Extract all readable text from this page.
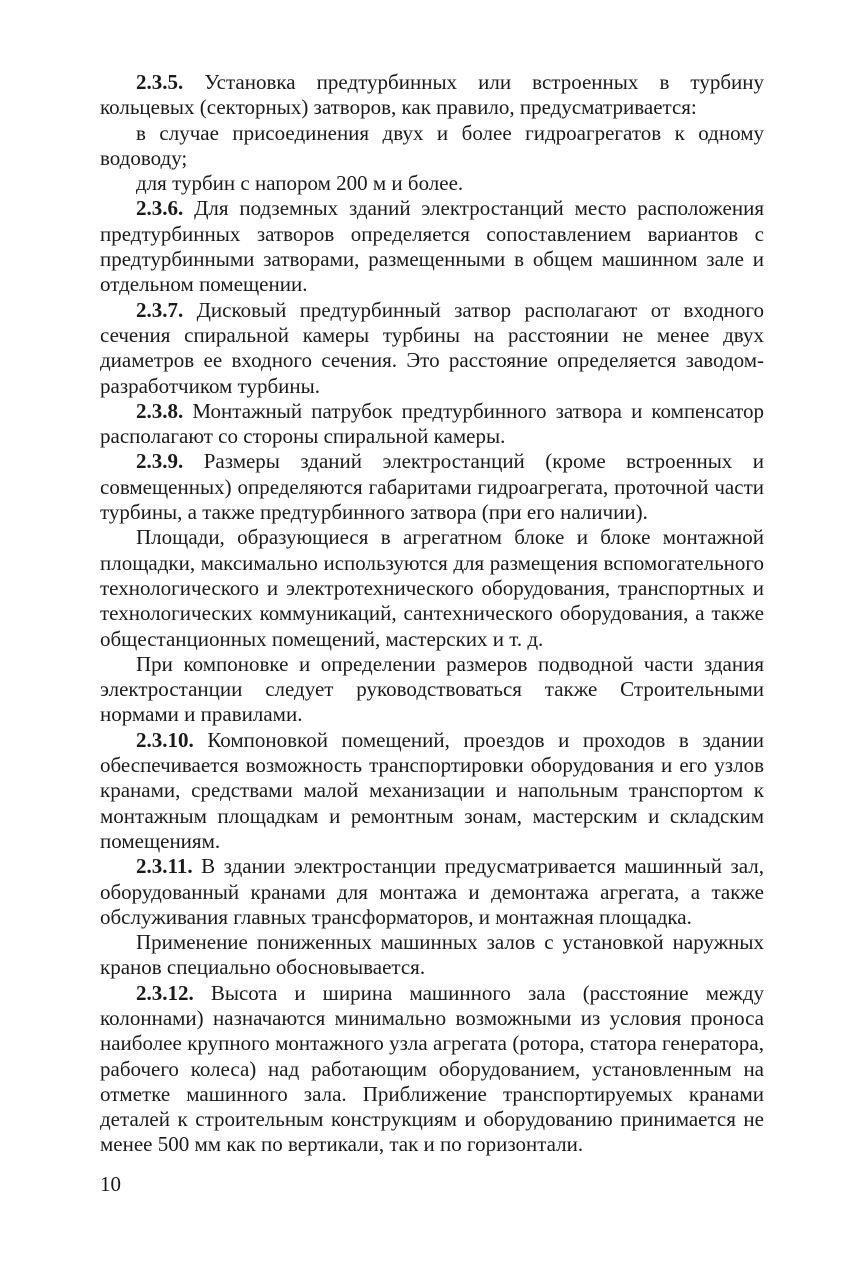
2.3.5. Установка предтурбинных или встроенных в турбину кольцевых (секторных) затворов, как правило, предусматривается:

в случае присоединения двух и более гидроагрегатов к одному водоводу;

для турбин с напором 200 м и более.

2.3.6. Для подземных зданий электростанций место расположения предтурбинных затворов определяется сопоставлением вариантов с предтурбинными затворами, размещенными в общем машинном зале и отдельном помещении.

2.3.7. Дисковый предтурбинный затвор располагают от входного сечения спиральной камеры турбины на расстоянии не менее двух диаметров ее входного сечения. Это расстояние определяется заводом-разработчиком турбины.

2.3.8. Монтажный патрубок предтурбинного затвора и компенсатор располагают со стороны спиральной камеры.

2.3.9. Размеры зданий электростанций (кроме встроенных и совмещенных) определяются габаритами гидроагрегата, проточной части турбины, а также предтурбинного затвора (при его наличии).

Площади, образующиеся в агрегатном блоке и блоке монтажной площадки, максимально используются для размещения вспомогательного технологического и электротехнического оборудования, транспортных и технологических коммуникаций, сантехнического оборудования, а также общестанционных помещений, мастерских и т. д.

При компоновке и определении размеров подводной части здания электростанции следует руководствоваться также Строительными нормами и правилами.

2.3.10. Компоновкой помещений, проездов и проходов в здании обеспечивается возможность транспортировки оборудования и его узлов кранами, средствами малой механизации и напольным транспортом к монтажным площадкам и ремонтным зонам, мастерским и складским помещениям.

2.3.11. В здании электростанции предусматривается машинный зал, оборудованный кранами для монтажа и демонтажа агрегата, а также обслуживания главных трансформаторов, и монтажная площадка.

Применение пониженных машинных залов с установкой наружных кранов специально обосновывается.

2.3.12. Высота и ширина машинного зала (расстояние между колоннами) назначаются минимально возможными из условия проноса наиболее крупного монтажного узла агрегата (ротора, статора генератора, рабочего колеса) над работающим оборудованием, установленным на отметке машинного зала. Приближение транспортируемых кранами деталей к строительным конструкциям и оборудованию принимается не менее 500 мм как по вертикали, так и по горизонтали.

10
